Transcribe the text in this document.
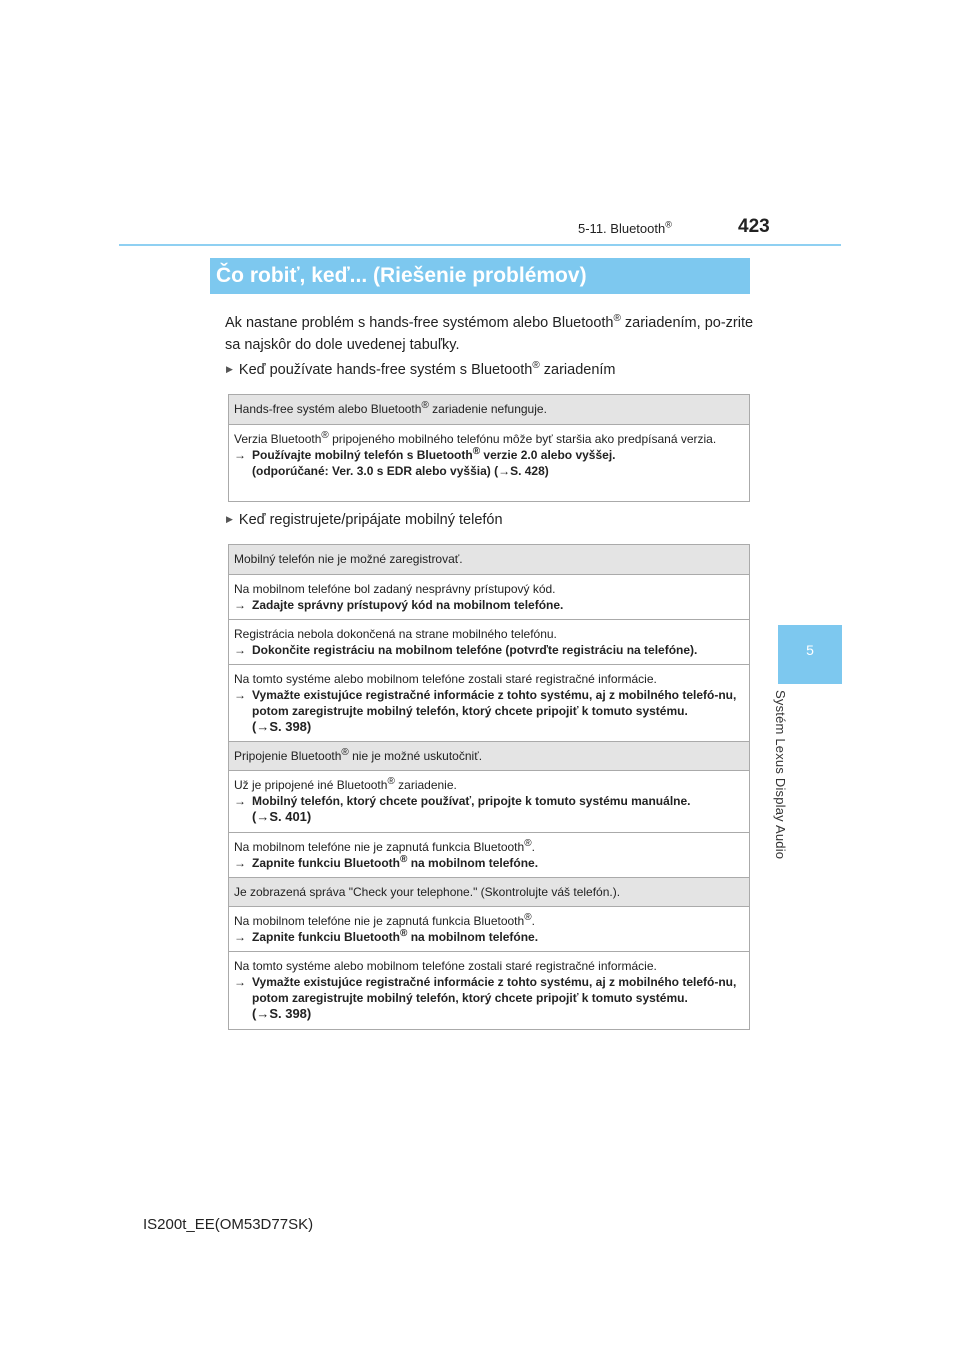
5-11. Bluetooth®	423
5
Systém Lexus Display Audio
Čo robiť, keď... (Riešenie problémov)
Ak nastane problém s hands-free systémom alebo Bluetooth® zariadením, po-zrite sa najskôr do dole uvedenej tabuľky.
▶ Keď používate hands-free systém s Bluetooth® zariadením
Hands-free systém alebo Bluetooth® zariadenie nefunguje.
Verzia Bluetooth® pripojeného mobilného telefónu môže byť staršia ako predpísaná verzia.
→ Používajte mobilný telefón s Bluetooth® verzie 2.0 alebo vyššej.
(odporúčané: Ver. 3.0 s EDR alebo vyššia) (→S. 428)
▶ Keď registrujete/pripájate mobilný telefón
Mobilný telefón nie je možné zaregistrovať.
Na mobilnom telefóne bol zadaný nesprávny prístupový kód.
→ Zadajte správny prístupový kód na mobilnom telefóne.
Registrácia nebola dokončená na strane mobilného telefónu.
→ Dokončite registráciu na mobilnom telefóne (potvrďte registráciu na telefóne).
Na tomto systéme alebo mobilnom telefóne zostali staré registračné informácie.
→ Vymažte existujúce registračné informácie z tohto systému, aj z mobilného telefó-nu, potom zaregistrujte mobilný telefón, ktorý chcete pripojiť k tomuto systému.
(→S. 398)
Pripojenie Bluetooth® nie je možné uskutočniť.
Už je pripojené iné Bluetooth® zariadenie.
→ Mobilný telefón, ktorý chcete používať, pripojte k tomuto systému manuálne.
(→S. 401)
Na mobilnom telefóne nie je zapnutá funkcia Bluetooth®.
→ Zapnite funkciu Bluetooth® na mobilnom telefóne.
Je zobrazená správa "Check your telephone." (Skontrolujte váš telefón.).
Na mobilnom telefóne nie je zapnutá funkcia Bluetooth®.
→ Zapnite funkciu Bluetooth® na mobilnom telefóne.
Na tomto systéme alebo mobilnom telefóne zostali staré registračné informácie.
→ Vymažte existujúce registračné informácie z tohto systému, aj z mobilného telefó-nu, potom zaregistrujte mobilný telefón, ktorý chcete pripojiť k tomuto systému.
(→S. 398)
IS200t_EE(OM53D77SK)
